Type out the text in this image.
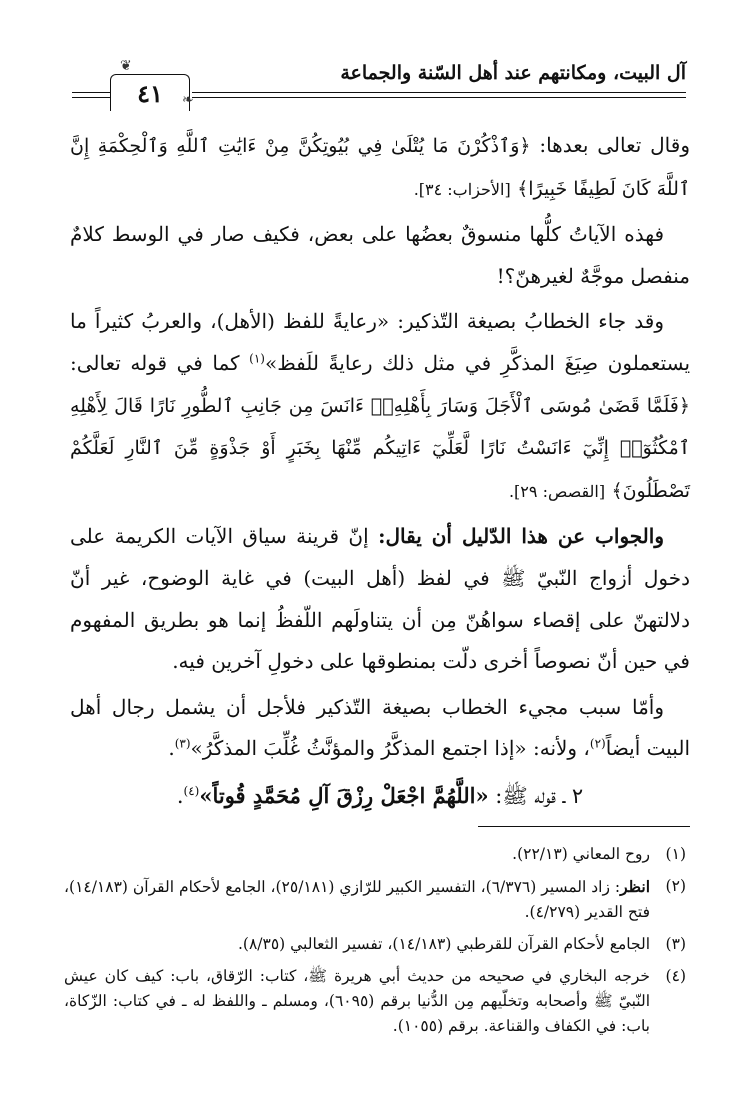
آل البيت، ومكانتهم عند أهل السّنة والجماعة
٤١
❦
❧

وقال تعالى بعدها: ﴿وَٱذْكُرْنَ مَا يُتْلَىٰ فِي بُيُوتِكُنَّ مِنْ ءَايَٰتِ ٱللَّهِ وَٱلْحِكْمَةِ إِنَّ ٱللَّهَ كَانَ لَطِيفًا خَبِيرًا﴾ [الأحزاب: ٣٤].

فهذه الآياتُ كلُّها منسوقٌ بعضُها على بعض، فكيف صار في الوسط كلامٌ منفصل موجَّهٌ لغيرهنّ؟!

وقد جاء الخطابُ بصيغة التّذكير: «رعايةً للفظ (الأهل)، والعربُ كثيراً ما يستعملون صِيَغَ المذكَّرِ في مثل ذلك رعايةً للَفظ»$^{(١)}$ كما في قوله تعالى: ﴿فَلَمَّا قَضَىٰ مُوسَى ٱلْأَجَلَ وَسَارَ بِأَهْلِهِۦٓ ءَانَسَ مِن جَانِبِ ٱلطُّورِ نَارًا قَالَ لِأَهْلِهِ ٱمْكُثُوٓا۟ إِنِّيٓ ءَانَسْتُ نَارًا لَّعَلِّيٓ ءَاتِيكُم مِّنْهَا بِخَبَرٍ أَوْ جَذْوَةٍ مِّنَ ٱلنَّارِ لَعَلَّكُمْ تَصْطَلُونَ﴾ [القصص: ٢٩].

والجواب عن هذا الدّليل أن يقال: إنّ قرينة سياق الآيات الكريمة على دخول أزواج النّبيّ ﷺ في لفظ (أهل البيت) في غاية الوضوح، غير أنّ دلالتهنّ على إقصاء سواهُنّ مِن أن يتناولَهم اللّفظُ إنما هو بطريق المفهوم في حين أنّ نصوصاً أخرى دلّت بمنطوقها على دخولِ آخرين فيه.

وأمّا سبب مجيء الخطاب بصيغة التّذكير فلأجل أن يشمل رجال أهل البيت أيضاً$^{(٢)}$، ولأنه: «إذا اجتمع المذكَّرُ والمؤنَّثُ غُلِّبَ المذكَّرُ»$^{(٣)}$.

٢ ـ قوله ﷺ: «اللَّهُمَّ اجْعَلْ رِزْقَ آلِ مُحَمَّدٍ قُوتاً»$^{(٤)}$.
(١)
روح المعاني (٢٢/١٣).
(٢)
انظر: زاد المسير (٦/٣٧٦)، التفسير الكبير للرّازي (٢٥/١٨١)، الجامع لأحكام القرآن (١٤/١٨٣)، فتح القدير (٤/٢٧٩).
(٣)
الجامع لأحكام القرآن للقرطبي (١٤/١٨٣)، تفسير الثعالبي (٨/٣٥).
(٤)
خرجه البخاري في صحيحه من حديث أبي هريرة ﷺ، كتاب: الرّقاق، باب: كيف كان عيش النّبيّ ﷺ وأصحابه وتخلّيهم مِن الدُّنيا برقم (٦٠٩٥)، ومسلم ـ واللفظ له ـ في كتاب: الزّكاة، باب: في الكفاف والقناعة. برقم (١٠٥٥).
